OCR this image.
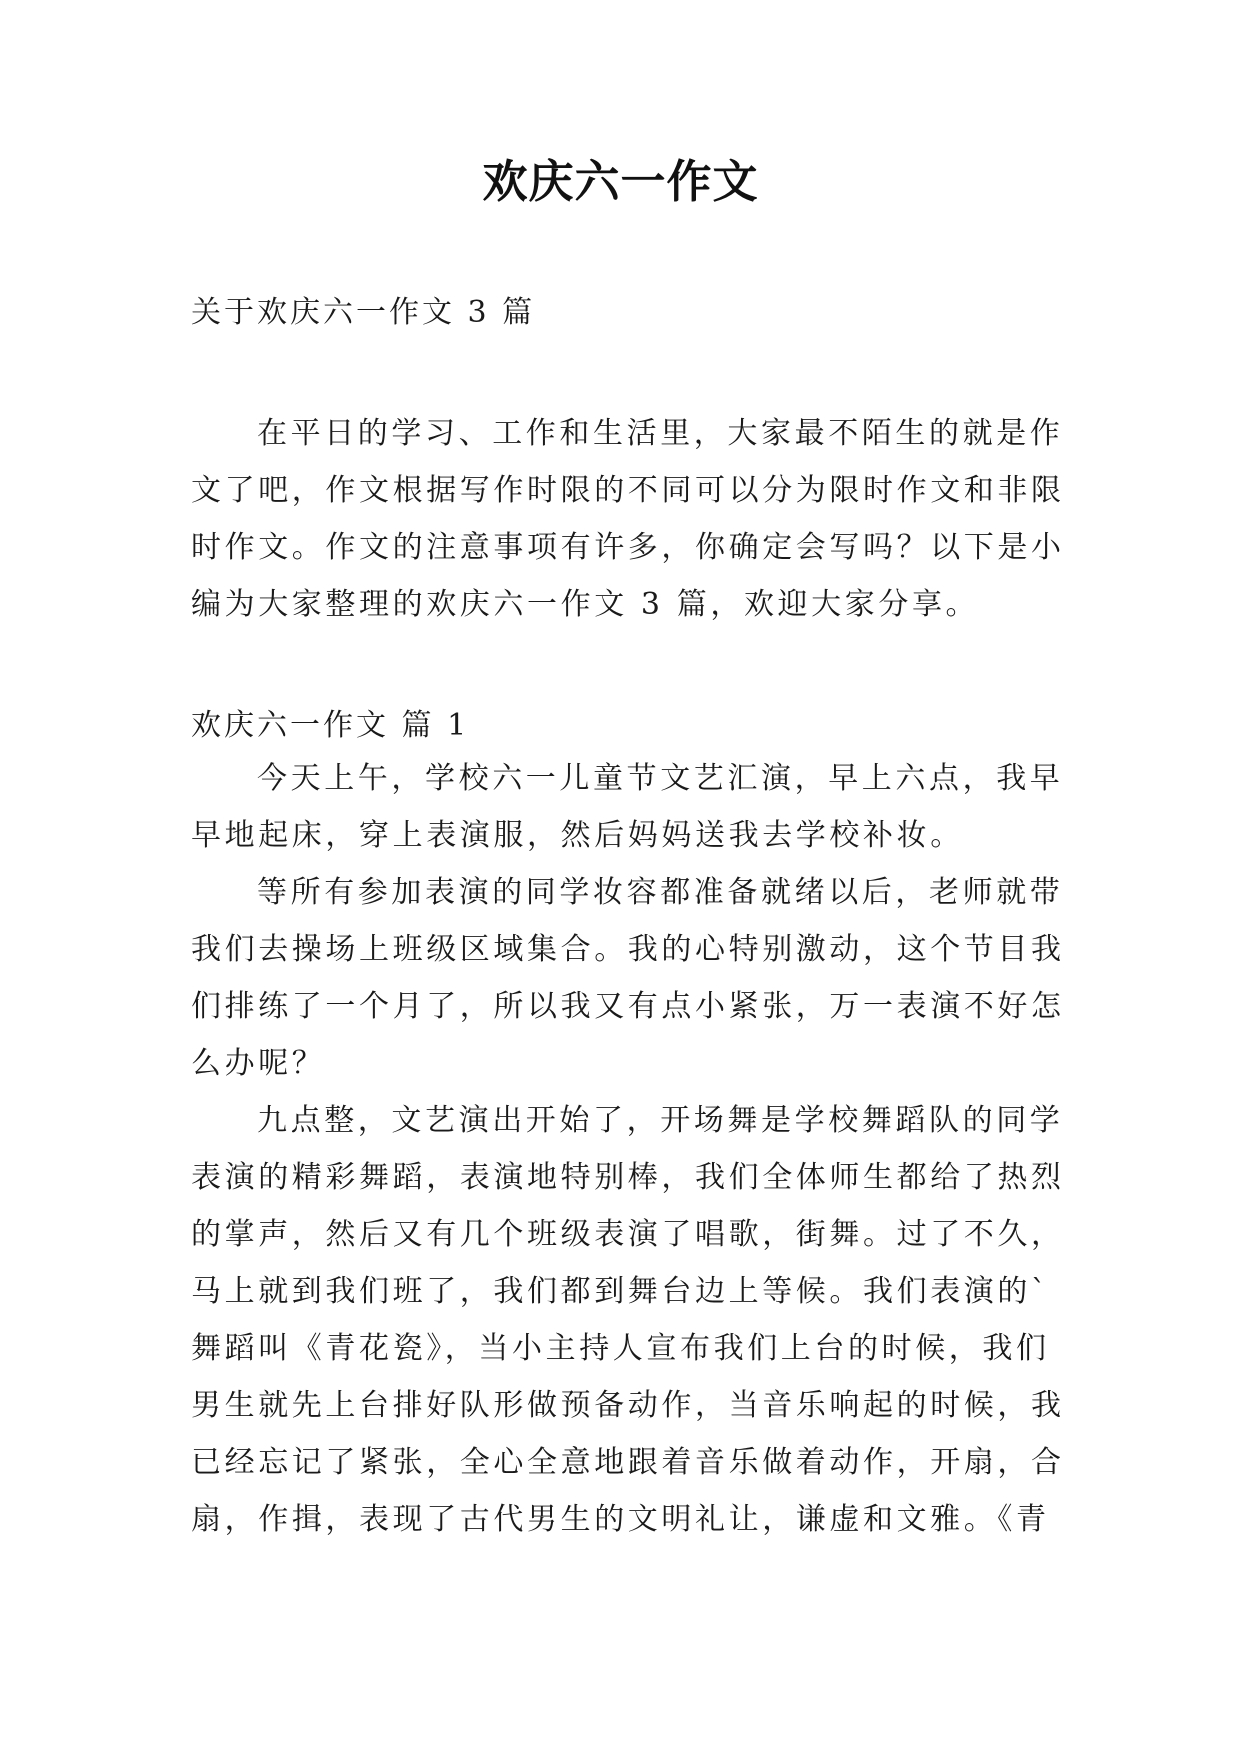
欢庆六一作文
关于欢庆六一作文 3 篇

在平日的学习、工作和生活里，大家最不陌生的就是作文了吧，作文根据写作时限的不同可以分为限时作文和非限时作文。作文的注意事项有许多，你确定会写吗？以下是小编为大家整理的欢庆六一作文 3 篇，欢迎大家分享。

欢庆六一作文 篇 1

今天上午，学校六一儿童节文艺汇演，早上六点，我早早地起床，穿上表演服，然后妈妈送我去学校补妆。

等所有参加表演的同学妆容都准备就绪以后，老师就带我们去操场上班级区域集合。我的心特别激动，这个节目我们排练了一个月了，所以我又有点小紧张，万一表演不好怎么办呢？

九点整，文艺演出开始了，开场舞是学校舞蹈队的同学表演的精彩舞蹈，表演地特别棒，我们全体师生都给了热烈的掌声，然后又有几个班级表演了唱歌，街舞。过了不久，马上就到我们班了，我们都到舞台边上等候。我们表演的`舞蹈叫《青花瓷》，当小主持人宣布我们上台的时候，我们男生就先上台排好队形做预备动作，当音乐响起的时候，我已经忘记了紧张，全心全意地跟着音乐做着动作，开扇，合扇，作揖，表现了古代男生的文明礼让，谦虚和文雅。《青
